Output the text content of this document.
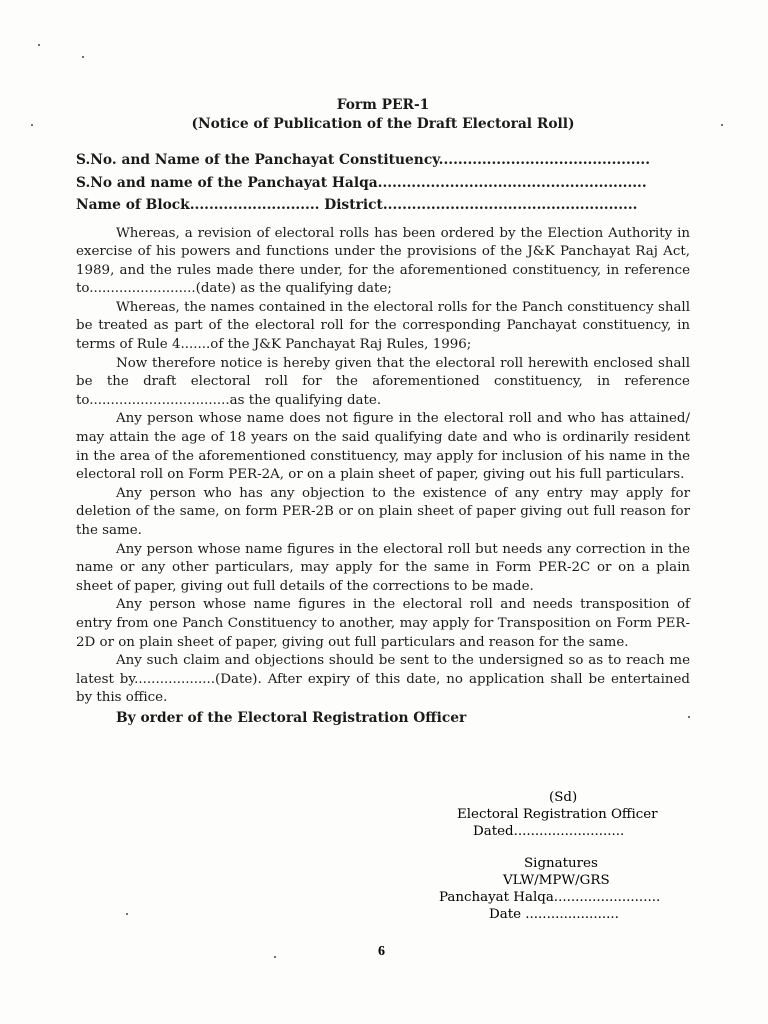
Form PER-1
(Notice of Publication of the Draft Electoral Roll)
S.No. and Name of the Panchayat Constituency............................................
S.No and name of the Panchayat Halqa........................................................
Name of Block........................... District.....................................................

Whereas, a revision of electoral rolls has been ordered by the Election Authority in exercise of his powers and functions under the provisions of the J&K Panchayat Raj Act, 1989, and the rules made there under, for the aforementioned constituency, in reference to.........................(date) as the qualifying date;

Whereas, the names contained in the electoral rolls for the Panch constituency shall be treated as part of the electoral roll for the corresponding Panchayat constituency, in terms of Rule 4.......of the J&K Panchayat Raj Rules, 1996;

Now therefore notice is hereby given that the electoral roll herewith enclosed shall be the draft electoral roll for the aforementioned constituency, in reference to.................................as the qualifying date.

Any person whose name does not figure in the electoral roll and who has attained/ may attain the age of 18 years on the said qualifying date and who is ordinarily resident in the area of the aforementioned constituency, may apply for inclusion of his name in the electoral roll on Form PER-2A, or on a plain sheet of paper, giving out his full particulars.

Any person who has any objection to the existence of any entry may apply for deletion of the same, on form PER-2B or on plain sheet of paper giving out full reason for the same.

Any person whose name figures in the electoral roll but needs any correction in the name or any other particulars, may apply for the same in Form PER-2C or on a plain sheet of paper, giving out full details of the corrections to be made.

Any person whose name figures in the electoral roll and needs transposition of entry from one Panch Constituency to another, may apply for Transposition on Form PER-2D or on plain sheet of paper, giving out full particulars and reason for the same.

Any such claim and objections should be sent to the undersigned so as to reach me latest by...................(Date). After expiry of this date, no application shall be entertained by this office.

By order of the Electoral Registration Officer
(Sd)
Electoral Registration Officer
Dated..........................
Signatures
VLW/MPW/GRS
Panchayat Halqa.........................
Date ......................
6
